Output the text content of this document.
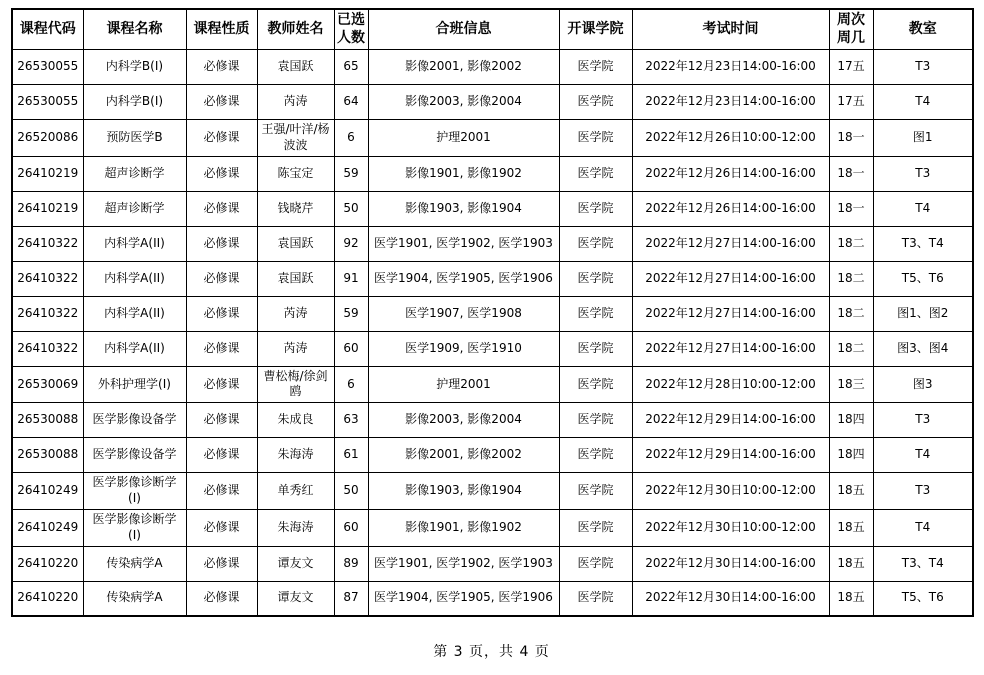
课程代码	课程名称	课程性质	教师姓名	已选人数	合班信息	开课学院	考试时间	周次周几	教室
26530055	内科学B(I)	必修课	袁国跃	65	影像2001, 影像2002	医学院	2022年12月23日14:00-16:00	17五	T3
26530055	内科学B(I)	必修课	芮涛	64	影像2003, 影像2004	医学院	2022年12月23日14:00-16:00	17五	T4
26520086	预防医学B	必修课	王强/叶洋/杨波波	6	护理2001	医学院	2022年12月26日10:00-12:00	18一	图1
26410219	超声诊断学	必修课	陈宝定	59	影像1901, 影像1902	医学院	2022年12月26日14:00-16:00	18一	T3
26410219	超声诊断学	必修课	钱晓芹	50	影像1903, 影像1904	医学院	2022年12月26日14:00-16:00	18一	T4
26410322	内科学A(II)	必修课	袁国跃	92	医学1901, 医学1902, 医学1903	医学院	2022年12月27日14:00-16:00	18二	T3、T4
26410322	内科学A(II)	必修课	袁国跃	91	医学1904, 医学1905, 医学1906	医学院	2022年12月27日14:00-16:00	18二	T5、T6
26410322	内科学A(II)	必修课	芮涛	59	医学1907, 医学1908	医学院	2022年12月27日14:00-16:00	18二	图1、图2
26410322	内科学A(II)	必修课	芮涛	60	医学1909, 医学1910	医学院	2022年12月27日14:00-16:00	18二	图3、图4
26530069	外科护理学(I)	必修课	曹松梅/徐剑鸥	6	护理2001	医学院	2022年12月28日10:00-12:00	18三	图3
26530088	医学影像设备学	必修课	朱成良	63	影像2003, 影像2004	医学院	2022年12月29日14:00-16:00	18四	T3
26530088	医学影像设备学	必修课	朱海涛	61	影像2001, 影像2002	医学院	2022年12月29日14:00-16:00	18四	T4
26410249	医学影像诊断学(I)	必修课	单秀红	50	影像1903, 影像1904	医学院	2022年12月30日10:00-12:00	18五	T3
26410249	医学影像诊断学(I)	必修课	朱海涛	60	影像1901, 影像1902	医学院	2022年12月30日10:00-12:00	18五	T4
26410220	传染病学A	必修课	谭友文	89	医学1901, 医学1902, 医学1903	医学院	2022年12月30日14:00-16:00	18五	T3、T4
26410220	传染病学A	必修课	谭友文	87	医学1904, 医学1905, 医学1906	医学院	2022年12月30日14:00-16:00	18五	T5、T6
第 3 页，共 4 页
